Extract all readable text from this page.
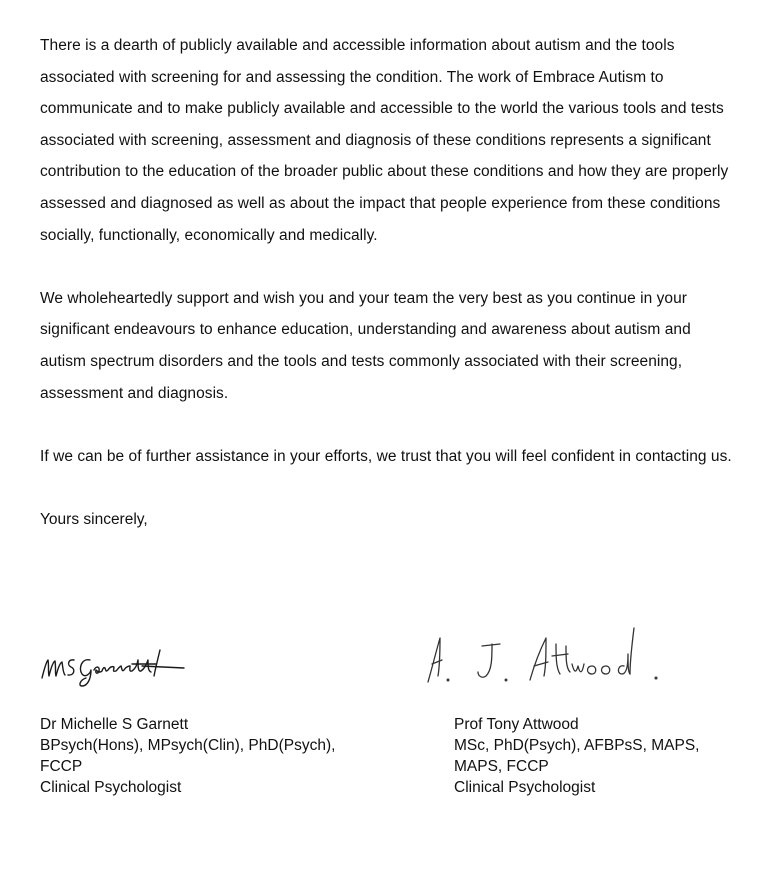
There is a dearth of publicly available and accessible information about autism and the tools associated with screening for and assessing the condition. The work of Embrace Autism to communicate and to make publicly available and accessible to the world the various tools and tests associated with screening, assessment and diagnosis of these conditions represents a significant contribution to the education of the broader public about these conditions and how they are properly assessed and diagnosed as well as about the impact that people experience from these conditions socially, functionally, economically and medically.

We wholeheartedly support and wish you and your team the very best as you continue in your significant endeavours to enhance education, understanding and awareness about autism and autism spectrum disorders and the tools and tests commonly associated with their screening, assessment and diagnosis.

If we can be of further assistance in your efforts, we trust that you will feel confident in contacting us.

Yours sincerely,

Dr Michelle S Garnett
BPsych(Hons), MPsych(Clin), PhD(Psych),
FCCP
Clinical Psychologist
Prof Tony Attwood
MSc, PhD(Psych), AFBPsS, MAPS,
MAPS, FCCP
Clinical Psychologist
